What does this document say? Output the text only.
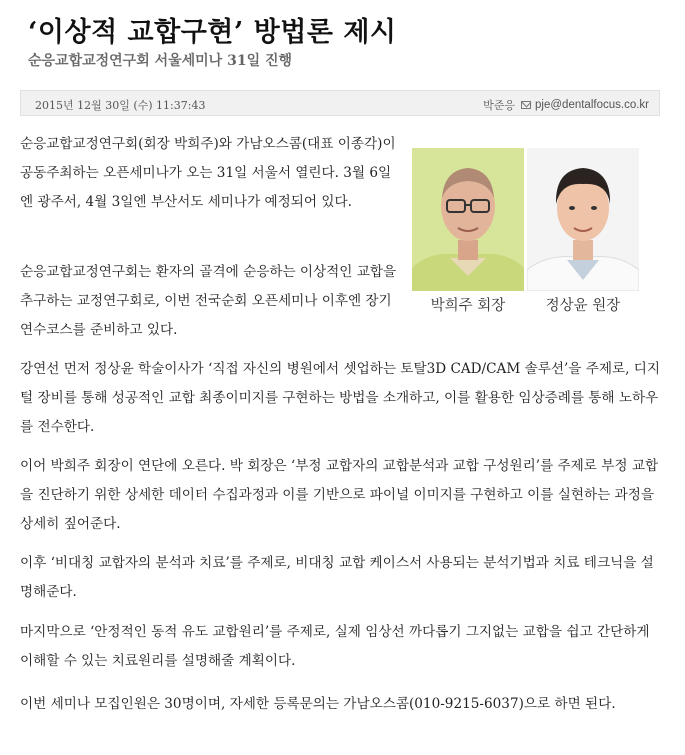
‘이상적 교합구현’ 방법론 제시
순응교합교정연구회 서울세미나 31일 진행
2015년 12월 30일 (수) 11:37:43	박준응 pje@dentalfocus.co.kr

순응교합교정연구회(회장 박희주)와 가남오스콤(대표 이종각)이 공동주최하는 오픈세미나가 오는 31일 서울서 열린다. 3월 6일엔 광주서, 4월 3일엔 부산서도 세미나가 예정되어 있다.

박희주 회장	정상윤 원장

순응교합교정연구회는 환자의 골격에 순응하는 이상적인 교합을 추구하는 교정연구회로, 이번 전국순회 오픈세미나 이후엔 장기 연수코스를 준비하고 있다.

강연선 먼저 정상윤 학술이사가 ‘직접 자신의 병원에서 셋업하는 토탈3D CAD/CAM 솔루션’을 주제로, 디지털 장비를 통해 성공적인 교합 최종이미지를 구현하는 방법을 소개하고, 이를 활용한 임상증례를 통해 노하우를 전수한다.

이어 박희주 회장이 연단에 오른다. 박 회장은 ‘부정 교합자의 교합분석과 교합 구성원리’를 주제로 부정 교합을 진단하기 위한 상세한 데이터 수집과정과 이를 기반으로 파이널 이미지를 구현하고 이를 실현하는 과정을 상세히 짚어준다.

이후 ‘비대칭 교합자의 분석과 치료’를 주제로, 비대칭 교합 케이스서 사용되는 분석기법과 치료 테크닉을 설명해준다.

마지막으로 ‘안정적인 동적 유도 교합원리’를 주제로, 실제 임상선 까다롭기 그지없는 교합을 쉽고 간단하게 이해할 수 있는 치료원리를 설명해줄 계획이다.

이번 세미나 모집인원은 30명이며, 자세한 등록문의는 가남오스콤(010-9215-6037)으로 하면 된다.
